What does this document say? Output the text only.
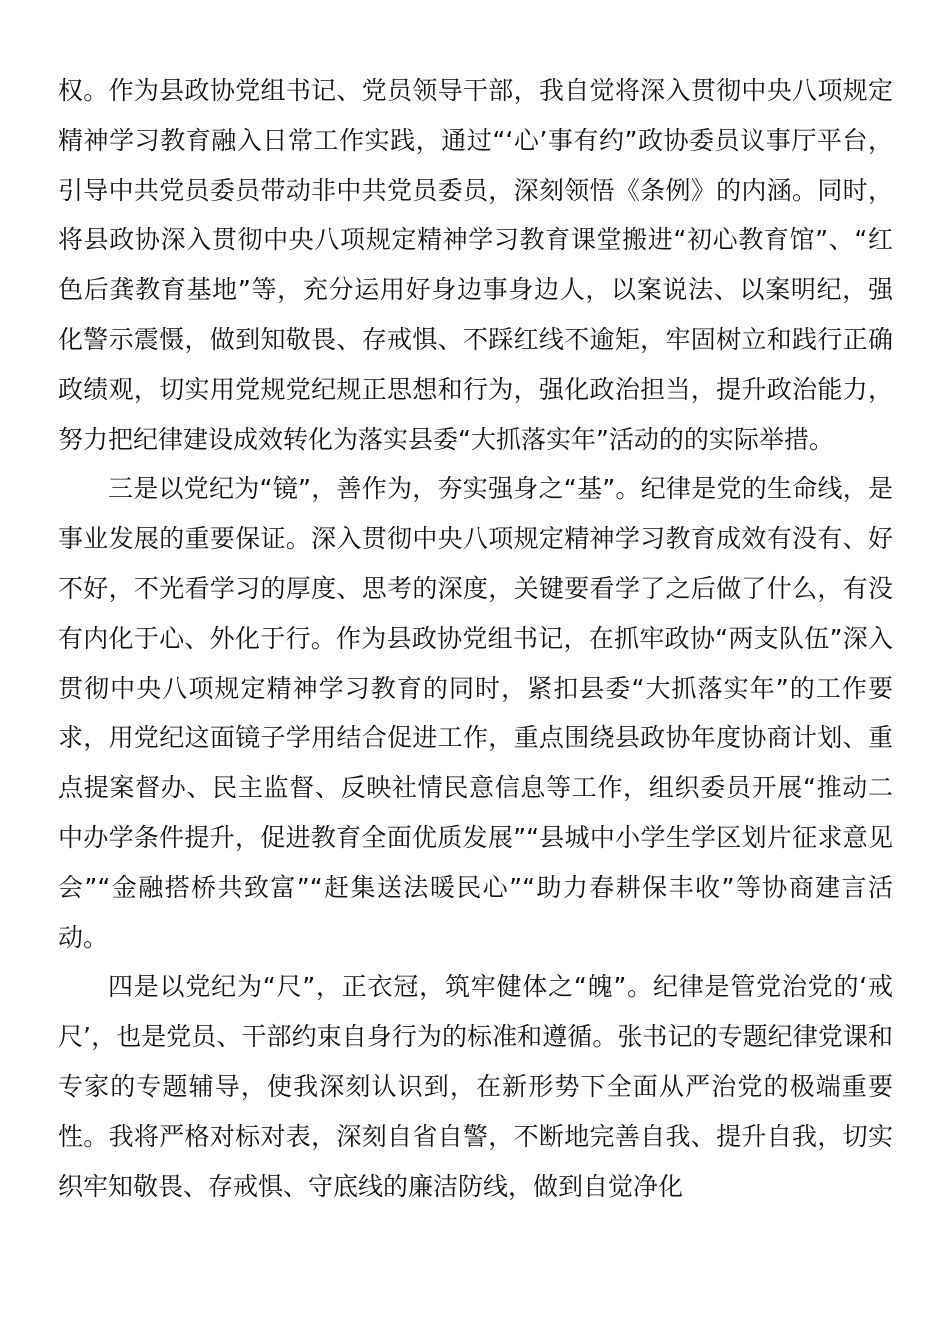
权。作为县政协党组书记、党员领导干部，我自觉将深入贯彻中央八项规定精神学习教育融入日常工作实践，通过“‘心’事有约”政协委员议事厅平台，引导中共党员委员带动非中共党员委员，深刻领悟《条例》的内涵。同时，将县政协深入贯彻中央八项规定精神学习教育课堂搬进“初心教育馆”、“红色后龚教育基地”等，充分运用好身边事身边人，以案说法、以案明纪，强化警示震慑，做到知敬畏、存戒惧、不踩红线不逾矩，牢固树立和践行正确政绩观，切实用党规党纪规正思想和行为，强化政治担当，提升政治能力，努力把纪律建设成效转化为落实县委“大抓落实年”活动的的实际举措。

三是以党纪为“镜”，善作为，夯实强身之“基”。纪律是党的生命线，是事业发展的重要保证。深入贯彻中央八项规定精神学习教育成效有没有、好不好，不光看学习的厚度、思考的深度，关键要看学了之后做了什么，有没有内化于心、外化于行。作为县政协党组书记，在抓牢政协“两支队伍”深入贯彻中央八项规定精神学习教育的同时，紧扣县委“大抓落实年”的工作要求，用党纪这面镜子学用结合促进工作，重点围绕县政协年度协商计划、重点提案督办、民主监督、反映社情民意信息等工作，组织委员开展“推动二中办学条件提升，促进教育全面优质发展”“县城中小学生学区划片征求意见会”“金融搭桥共致富”“赶集送法暖民心”“助力春耕保丰收”等协商建言活动。

四是以党纪为“尺”，正衣冠，筑牢健体之“魄”。纪律是管党治党的‘戒尺’，也是党员、干部约束自身行为的标准和遵循。张书记的专题纪律党课和专家的专题辅导，使我深刻认识到，在新形势下全面从严治党的极端重要性。我将严格对标对表，深刻自省自警，不断地完善自我、提升自我，切实织牢知敬畏、存戒惧、守底线的廉洁防线，做到自觉净化
